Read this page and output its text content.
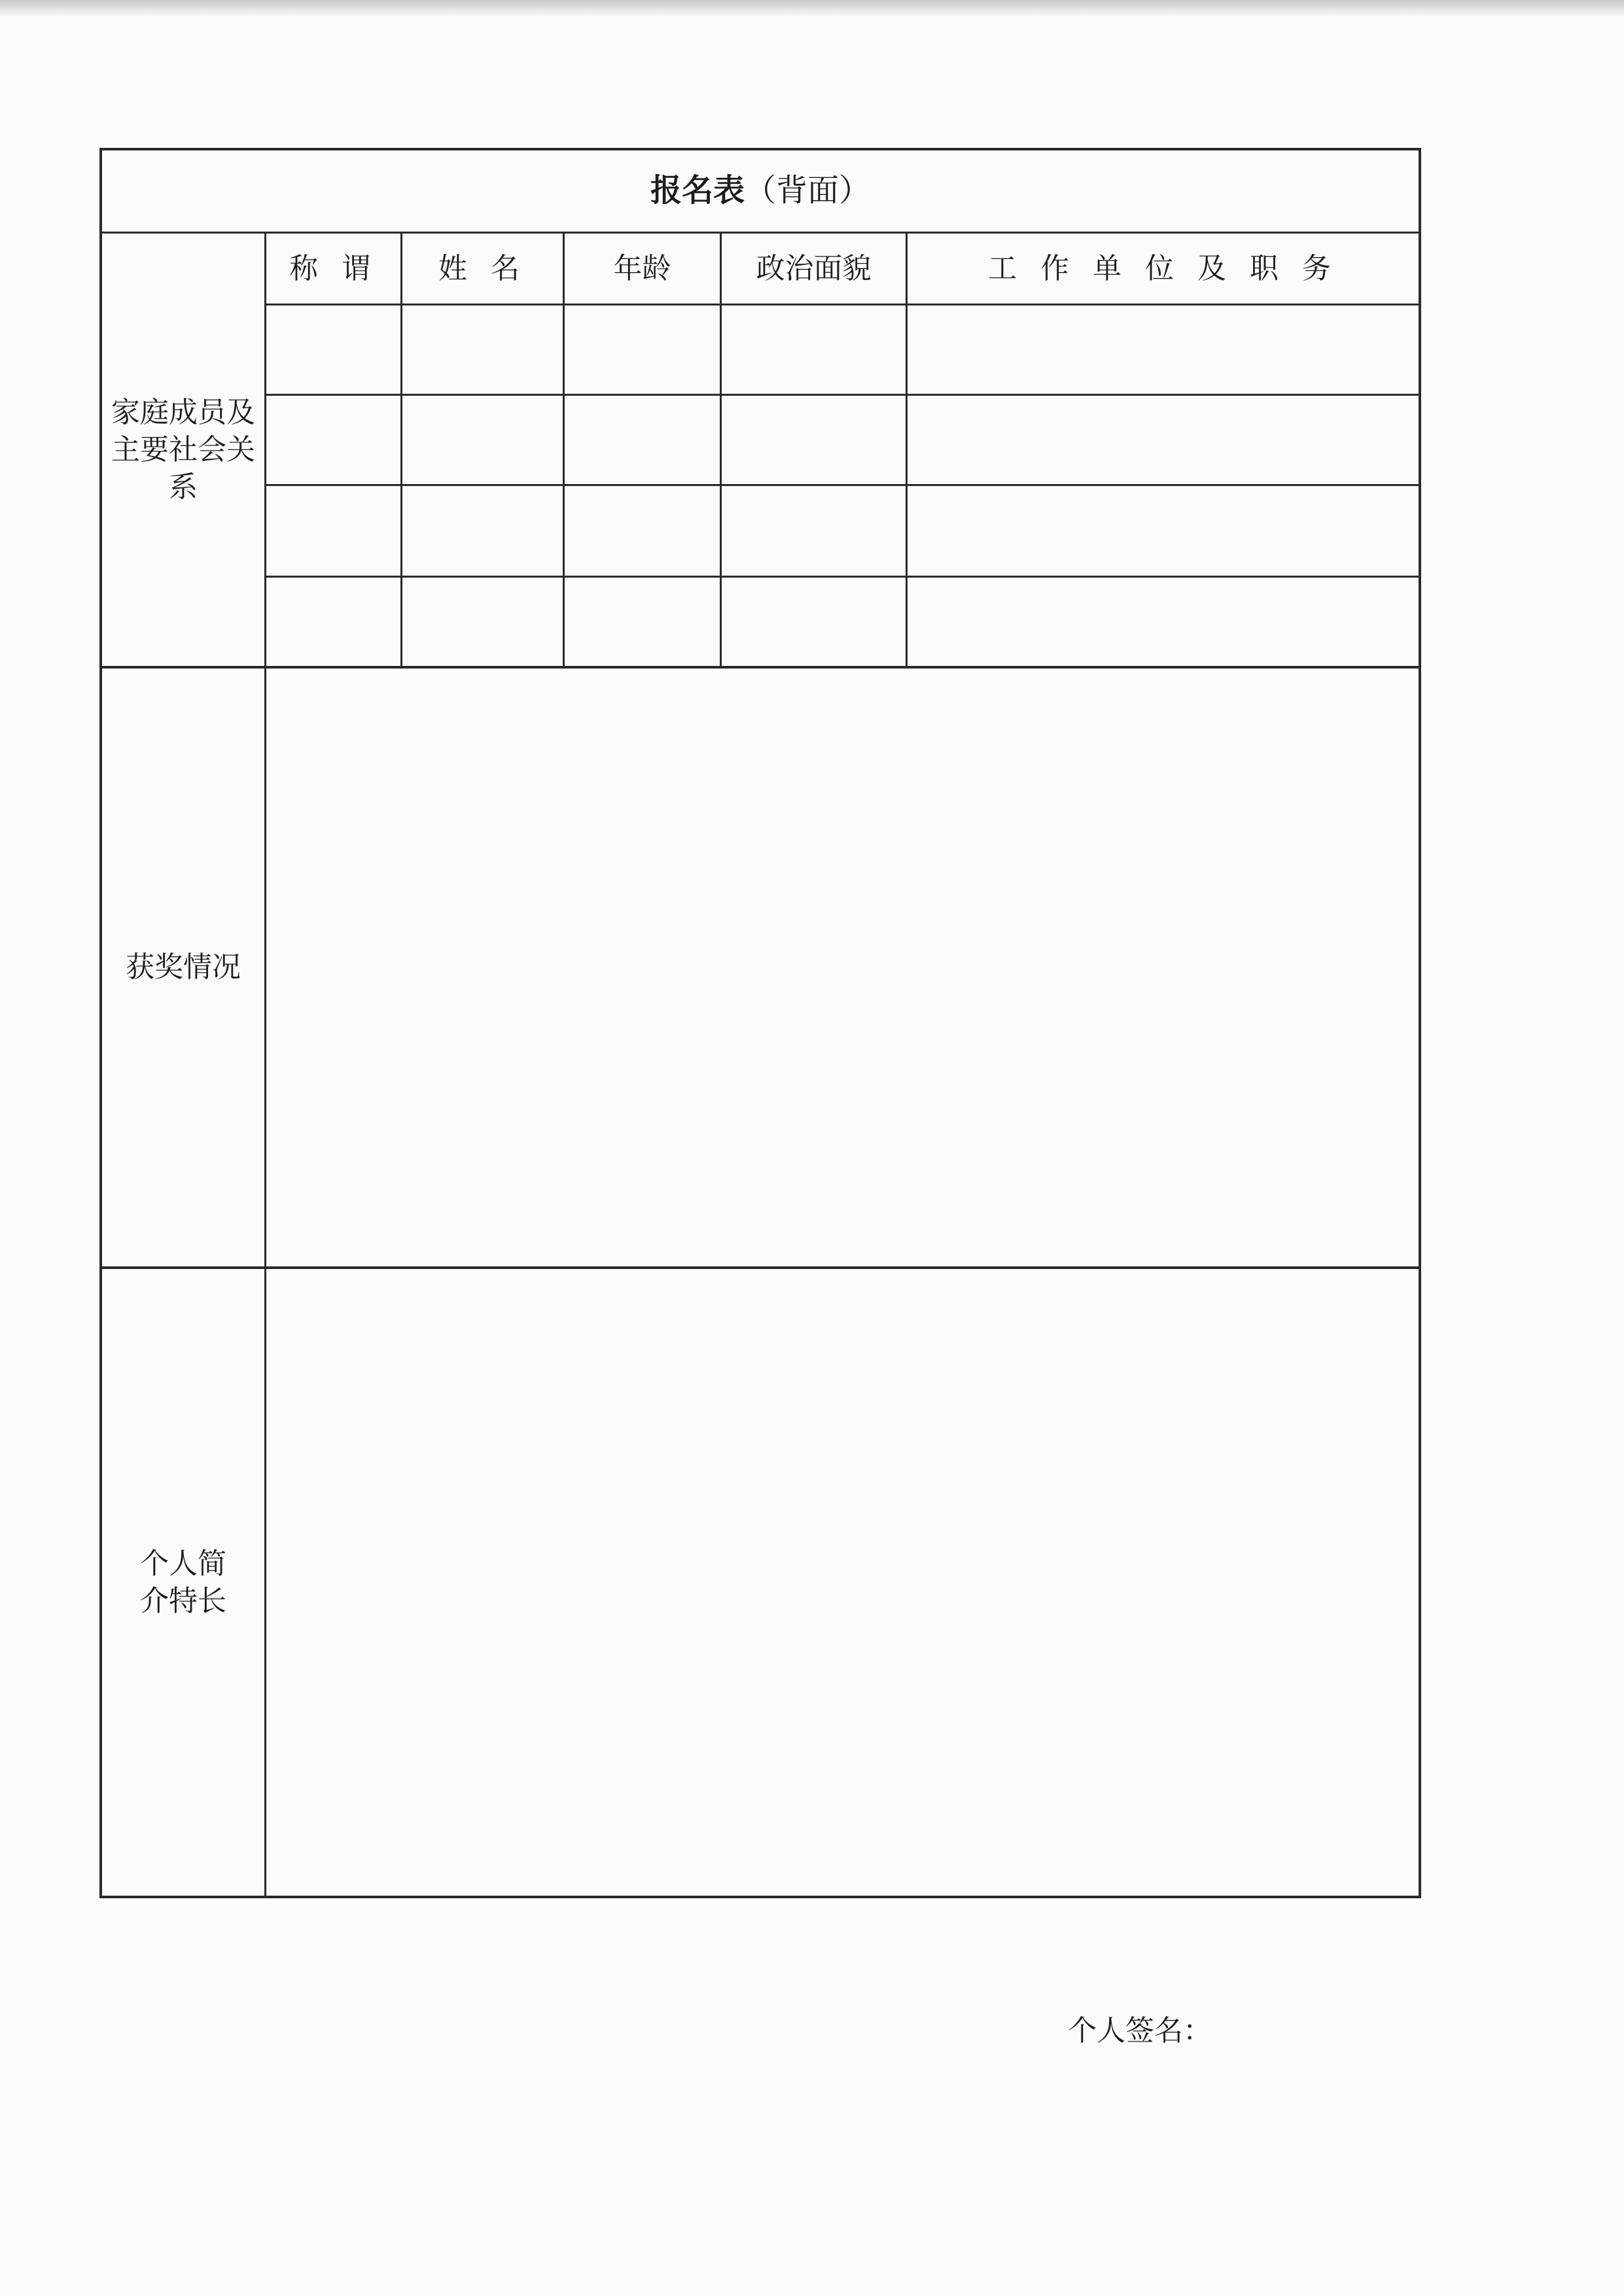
报名表 （背面）
家庭成员及主要社会关系
称 谓	姓 名	年龄	政治面貌	工 作 单 位 及 职 务
获奖情况
个人简介特长
个人签名：
